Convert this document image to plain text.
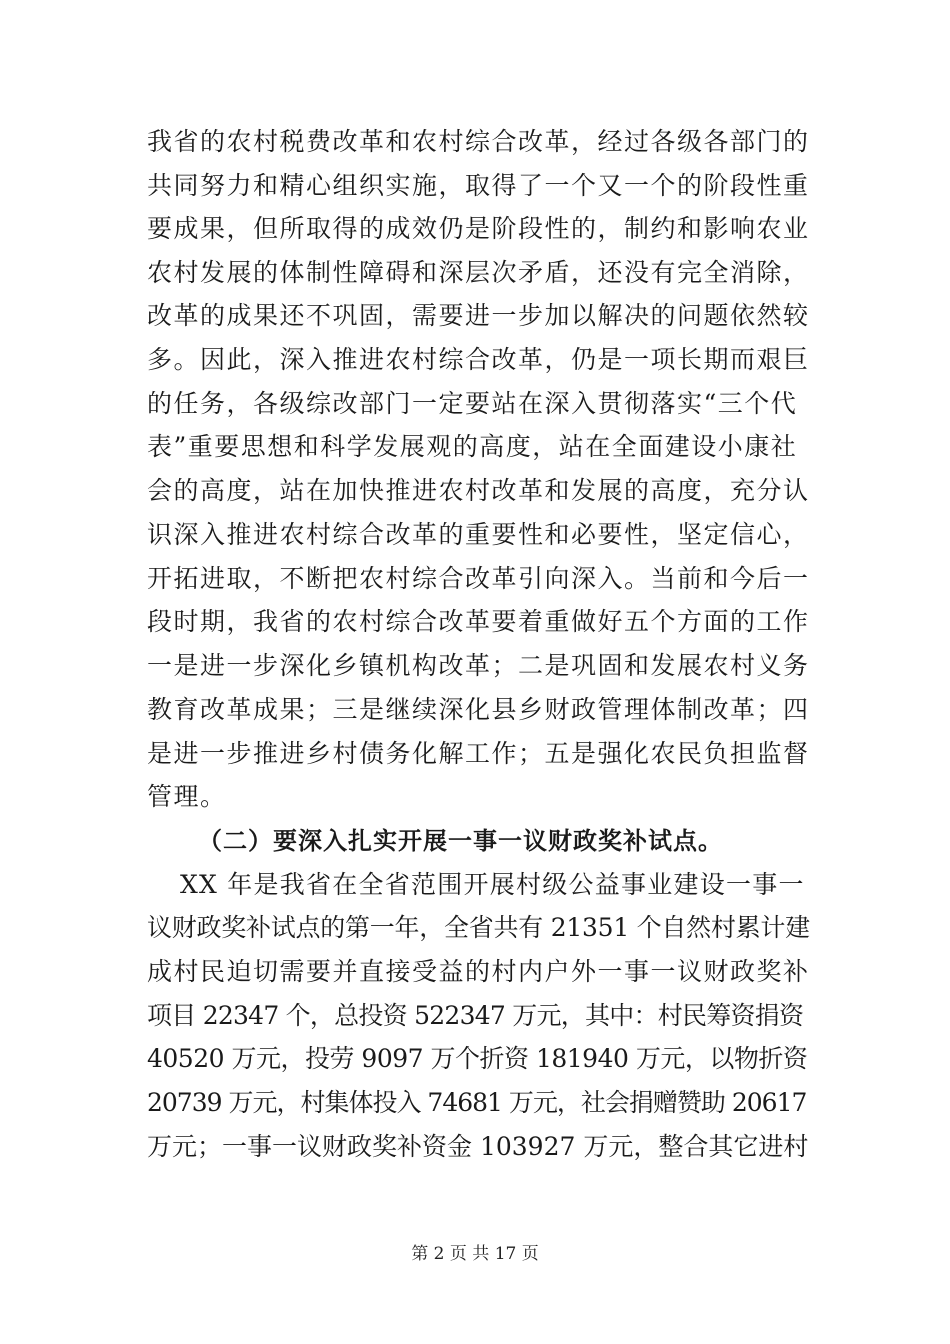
我省的农村税费改革和农村综合改革，经过各级各部门的
共同努力和精心组织实施，取得了一个又一个的阶段性重
要成果，但所取得的成效仍是阶段性的，制约和影响农业
农村发展的体制性障碍和深层次矛盾，还没有完全消除，
改革的成果还不巩固，需要进一步加以解决的问题依然较
多。因此，深入推进农村综合改革，仍是一项长期而艰巨
的任务，各级综改部门一定要站在深入贯彻落实“三个代
表”重要思想和科学发展观的高度，站在全面建设小康社
会的高度，站在加快推进农村改革和发展的高度，充分认
识深入推进农村综合改革的重要性和必要性，坚定信心，
开拓进取，不断把农村综合改革引向深入。当前和今后一
段时期，我省的农村综合改革要着重做好五个方面的工作
一是进一步深化乡镇机构改革；二是巩固和发展农村义务
教育改革成果；三是继续深化县乡财政管理体制改革；四
是进一步推进乡村债务化解工作；五是强化农民负担监督
管理。
（二）要深入扎实开展一事一议财政奖补试点。
XX 年是我省在全省范围开展村级公益事业建设一事一
议财政奖补试点的第一年，全省共有 21351 个自然村累计建
成村民迫切需要并直接受益的村内户外一事一议财政奖补
项目 22347 个，总投资 522347 万元，其中：村民筹资捐资
40520 万元，投劳 9097 万个折资 181940 万元，以物折资
20739 万元，村集体投入 74681 万元，社会捐赠赞助 20617
万元；一事一议财政奖补资金 103927 万元，整合其它进村
第 2 页 共 17 页
